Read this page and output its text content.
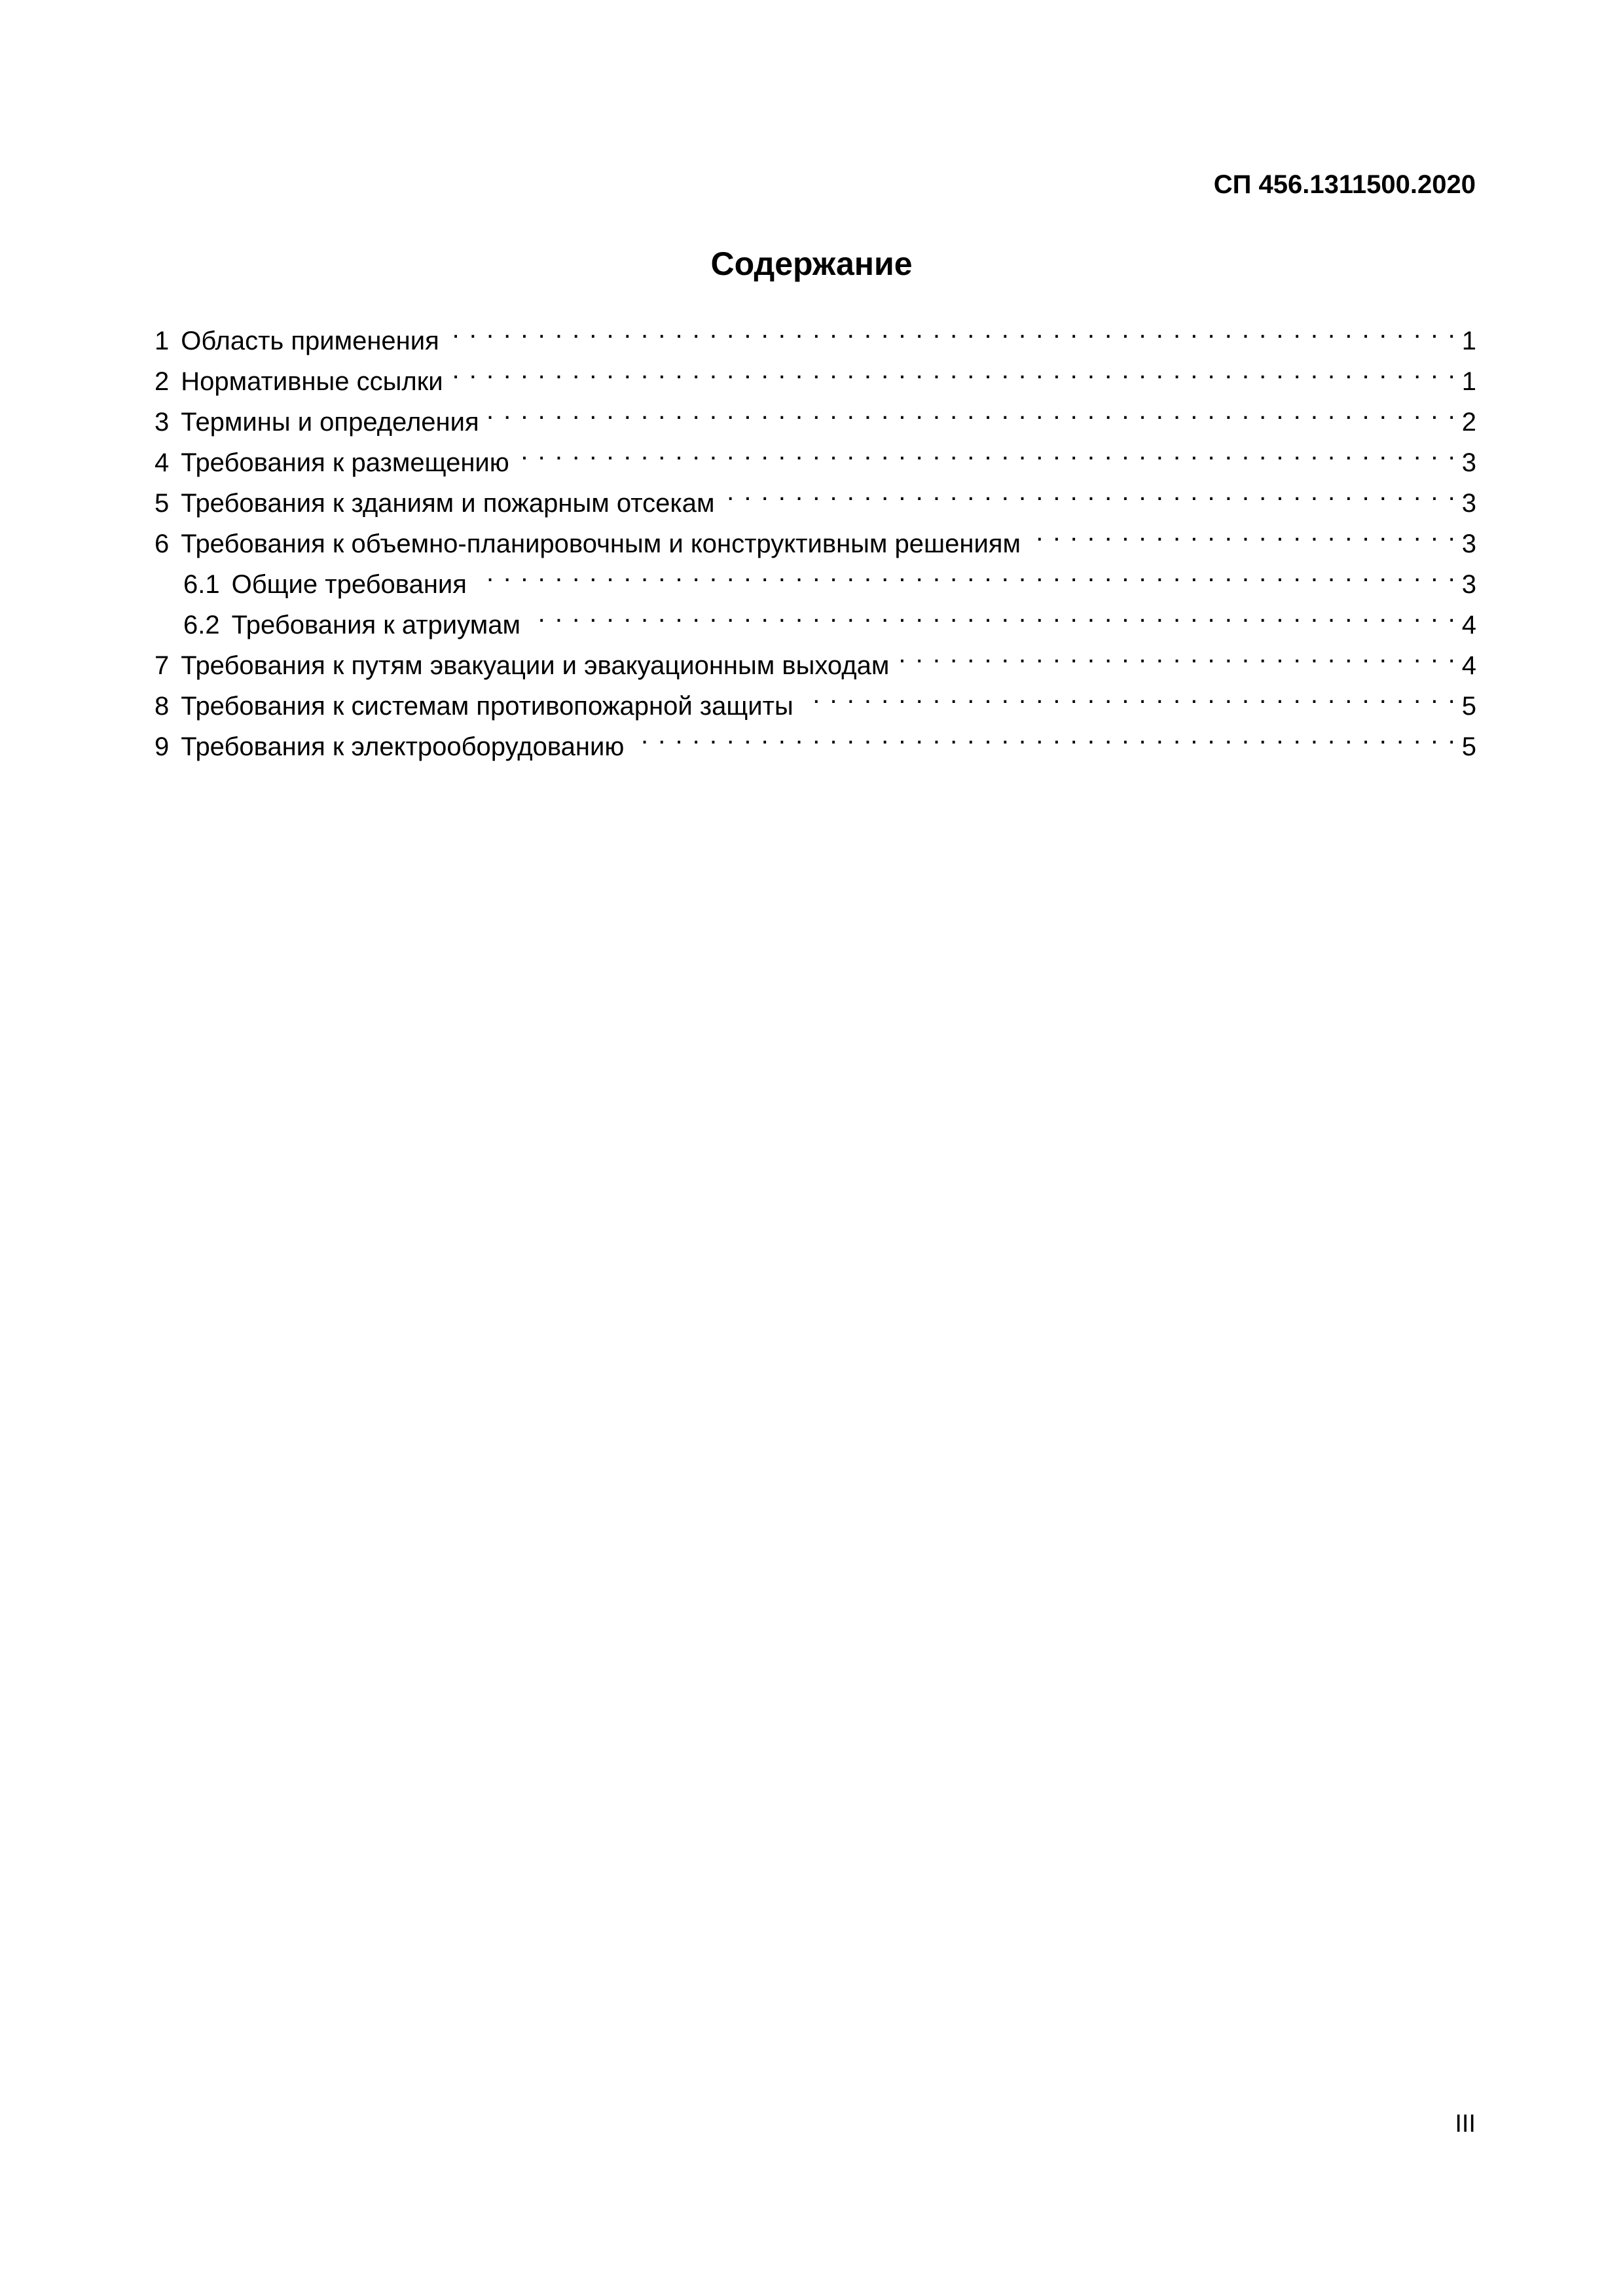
СП 456.1311500.2020
Содержание
1 Область применения . . .	1
2 Нормативные ссылки . . .	1
3 Термины и определения . . .	2
4 Требования к размещению . . .	3
5 Требования к зданиям и пожарным отсекам . . .	3
6 Требования к объемно-планировочным и конструктивным решениям . . .	3
6.1 Общие требования . . .	3
6.2 Требования к атриумам . . .	4
7 Требования к путям эвакуации и эвакуационным выходам . . .	4
8 Требования к системам противопожарной защиты . . .	5
9 Требования к электрооборудованию . . .	5
III
